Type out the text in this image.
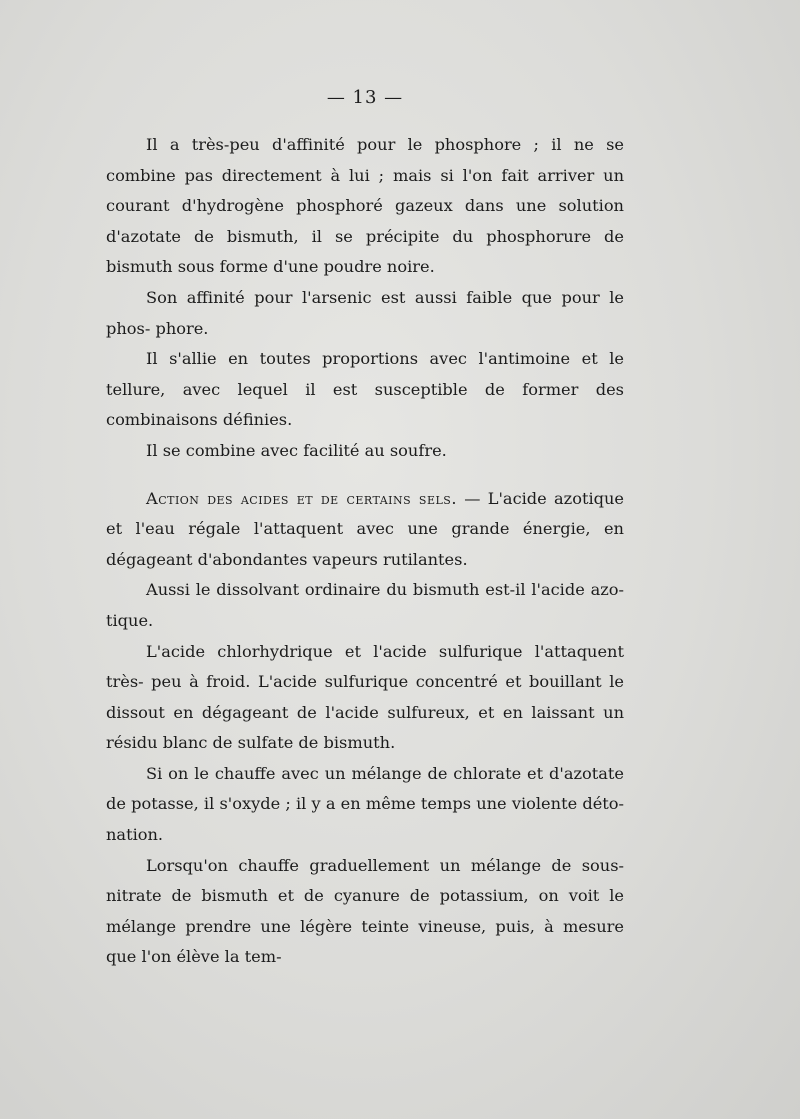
— 13 —

Il a très-peu d'affinité pour le phosphore ; il ne se combine pas directement à lui ; mais si l'on fait arriver un courant d'hydrogène phosphoré gazeux dans une solution d'azotate de bismuth, il se précipite du phosphorure de bismuth sous forme d'une poudre noire.

Son affinité pour l'arsenic est aussi faible que pour le phos- phore.

Il s'allie en toutes proportions avec l'antimoine et le tellure, avec lequel il est susceptible de former des combinaisons définies.

Il se combine avec facilité au soufre.

Action des acides et de certains sels. — L'acide azotique et l'eau régale l'attaquent avec une grande énergie, en dégageant d'abondantes vapeurs rutilantes.

Aussi le dissolvant ordinaire du bismuth est-il l'acide azo- tique.

L'acide chlorhydrique et l'acide sulfurique l'attaquent très- peu à froid. L'acide sulfurique concentré et bouillant le dissout en dégageant de l'acide sulfureux, et en laissant un résidu blanc de sulfate de bismuth.

Si on le chauffe avec un mélange de chlorate et d'azotate de potasse, il s'oxyde ; il y a en même temps une violente déto- nation.

Lorsqu'on chauffe graduellement un mélange de sous-nitrate de bismuth et de cyanure de potassium, on voit le mélange prendre une légère teinte vineuse, puis, à mesure que l'on élève la tem-
